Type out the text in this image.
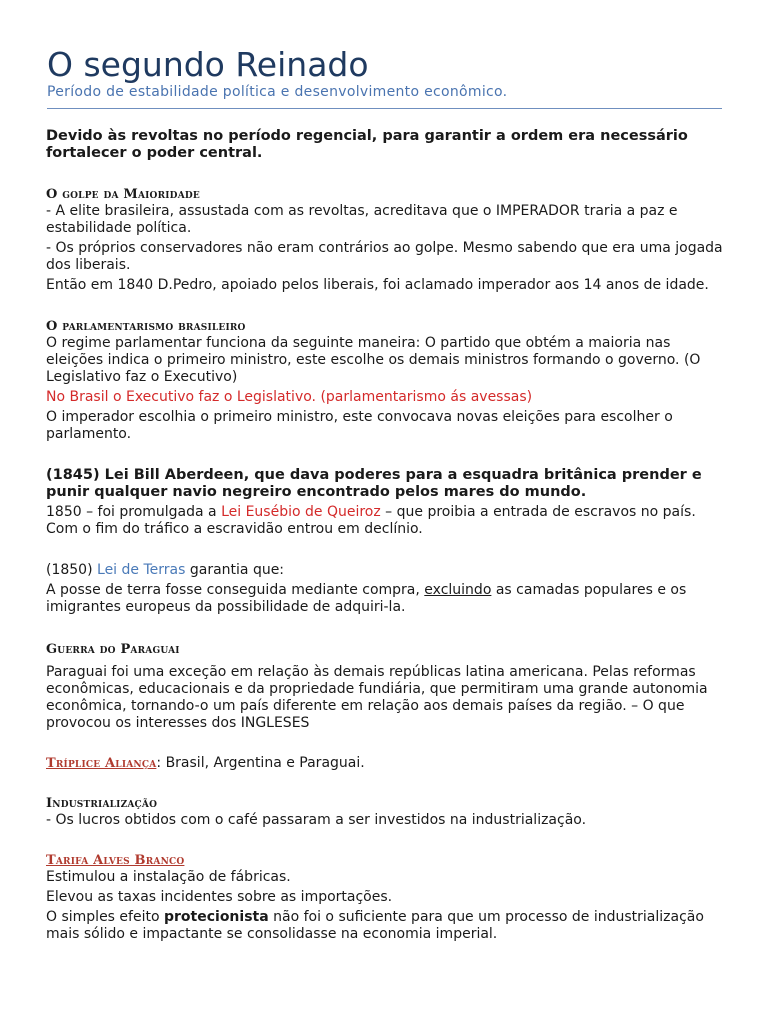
O segundo Reinado
Período de estabilidade política e desenvolvimento econômico.

Devido às revoltas no período regencial, para garantir a ordem era necessário fortalecer o poder central.

O golpe da Maioridade

- A elite brasileira, assustada com as revoltas, acreditava que o IMPERADOR traria a paz e estabilidade política.

- Os próprios conservadores não eram contrários ao golpe. Mesmo sabendo que era uma jogada dos liberais.

Então em 1840 D.Pedro, apoiado pelos liberais, foi aclamado imperador aos 14 anos de idade.

O parlamentarismo brasileiro

O regime parlamentar funciona da seguinte maneira: O partido que obtém a maioria nas eleições indica o primeiro ministro, este escolhe os demais ministros formando o governo. (O Legislativo faz o Executivo)

No Brasil o Executivo faz o Legislativo. (parlamentarismo ás avessas)

O imperador escolhia o primeiro ministro, este convocava novas eleições para escolher o parlamento.

(1845) Lei Bill Aberdeen, que dava poderes para a esquadra britânica prender e punir qualquer navio negreiro encontrado pelos mares do mundo.

1850 – foi promulgada a Lei Eusébio de Queiroz – que proibia a entrada de escravos no país. Com o fim do tráfico a escravidão entrou em declínio.

(1850) Lei de Terras garantia que:

A posse de terra fosse conseguida mediante compra, excluindo as camadas populares e os imigrantes europeus da possibilidade de adquiri-la.

Guerra do Paraguai

Paraguai foi uma exceção em relação às demais repúblicas latina americana. Pelas reformas econômicas, educacionais e da propriedade fundiária, que permitiram uma grande autonomia econômica, tornando-o um país diferente em relação aos demais países da região. – O que provocou os interesses dos INGLESES

Tríplice Aliança: Brasil, Argentina e Paraguai.

Industrialização

- Os lucros obtidos com o café passaram a ser investidos na industrialização.

Tarifa Alves Branco

Estimulou a instalação de fábricas.

Elevou as taxas incidentes sobre as importações.

O simples efeito protecionista não foi o suficiente para que um processo de industrialização mais sólido e impactante se consolidasse na economia imperial.
